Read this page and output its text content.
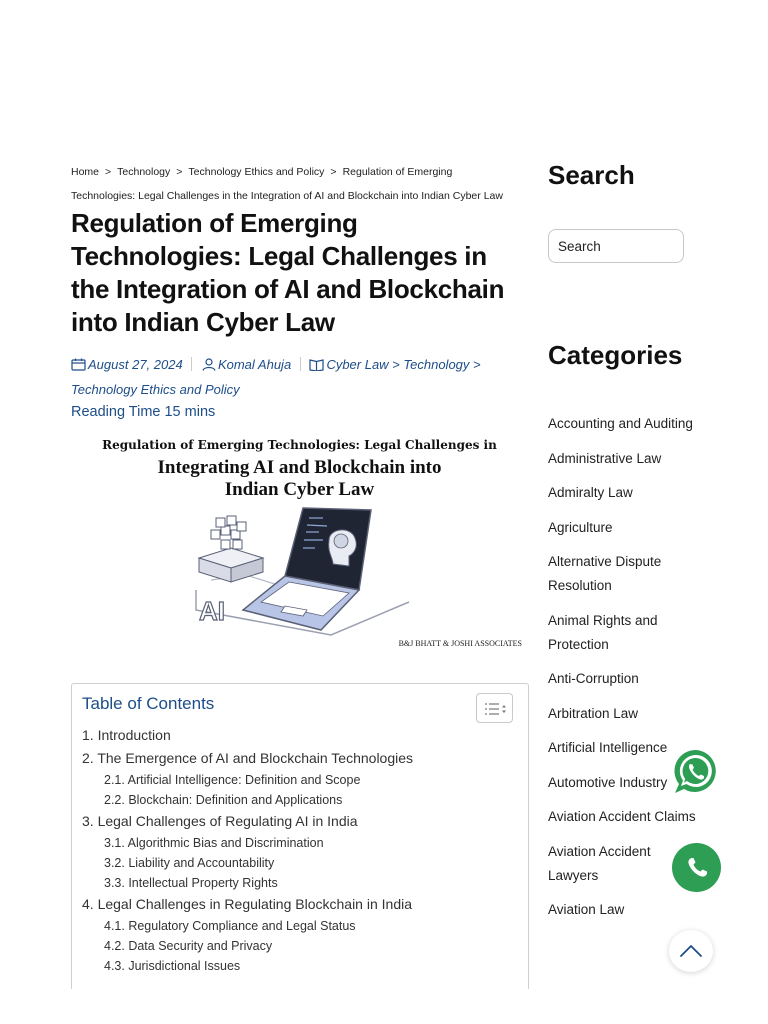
Home > Technology > Technology Ethics and Policy > Regulation of Emerging
Technologies: Legal Challenges in the Integration of AI and Blockchain into Indian Cyber Law
Regulation of Emerging Technologies: Legal Challenges in the Integration of AI and Blockchain into Indian Cyber Law
August 27, 2024	Komal Ahuja	Cyber Law > Technology >
Technology Ethics and Policy
Reading Time 15 mins
Regulation of Emerging Technologies: Legal Challenges in
Integrating AI and Blockchain into
Indian Cyber Law
AI
B&J BHATT & JOSHI ASSOCIATES
Table of Contents
1. Introduction
2. The Emergence of AI and Blockchain Technologies
2.1. Artificial Intelligence: Definition and Scope
2.2. Blockchain: Definition and Applications
3. Legal Challenges of Regulating AI in India
3.1. Algorithmic Bias and Discrimination
3.2. Liability and Accountability
3.3. Intellectual Property Rights
4. Legal Challenges in Regulating Blockchain in India
4.1. Regulatory Compliance and Legal Status
4.2. Data Security and Privacy
4.3. Jurisdictional Issues
Search
Search
Categories
Accounting and Auditing
Administrative Law
Admiralty Law
Agriculture
Alternative Dispute Resolution
Animal Rights and Protection
Anti-Corruption
Arbitration Law
Artificial Intelligence
Automotive Industry
Aviation Accident Claims
Aviation Accident Lawyers
Aviation Law
